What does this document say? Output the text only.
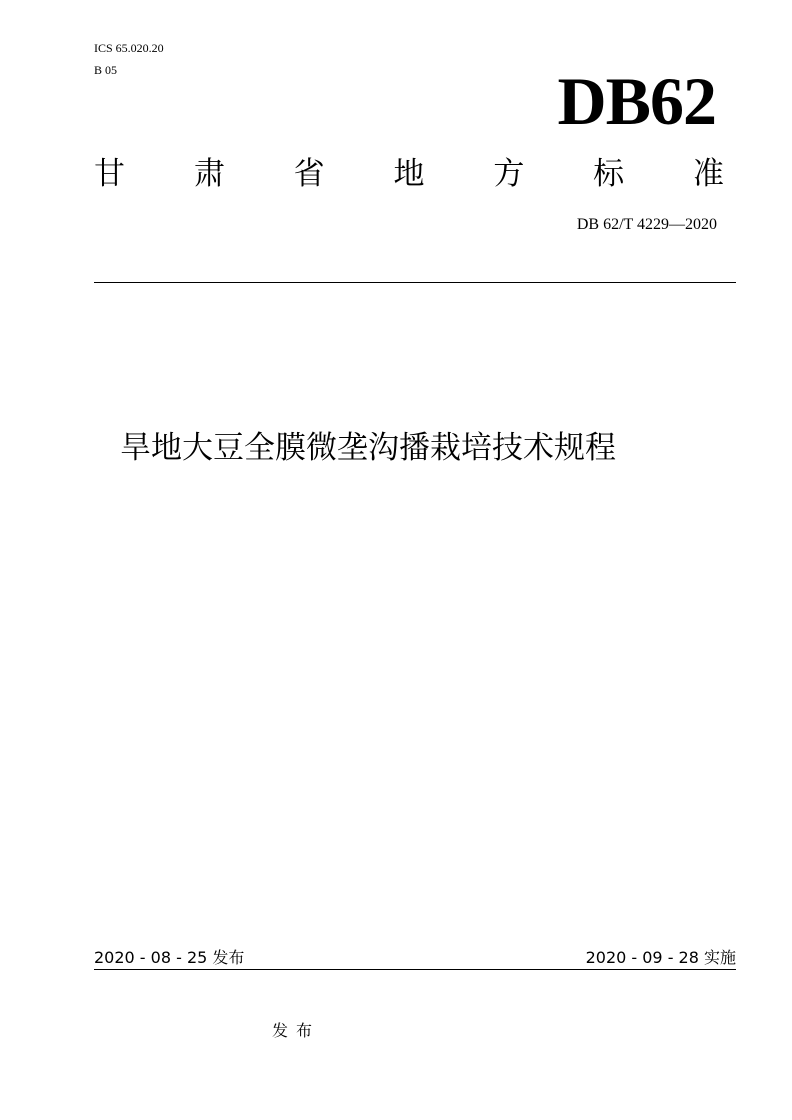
ICS 65.020.20
B 05	DB62
甘 肃 省 地 方 标 准
DB 62/T 4229—2020
旱地大豆全膜微垄沟播栽培技术规程
2020 - 08 - 25 发布	2020 - 09 - 28 实施
发布
